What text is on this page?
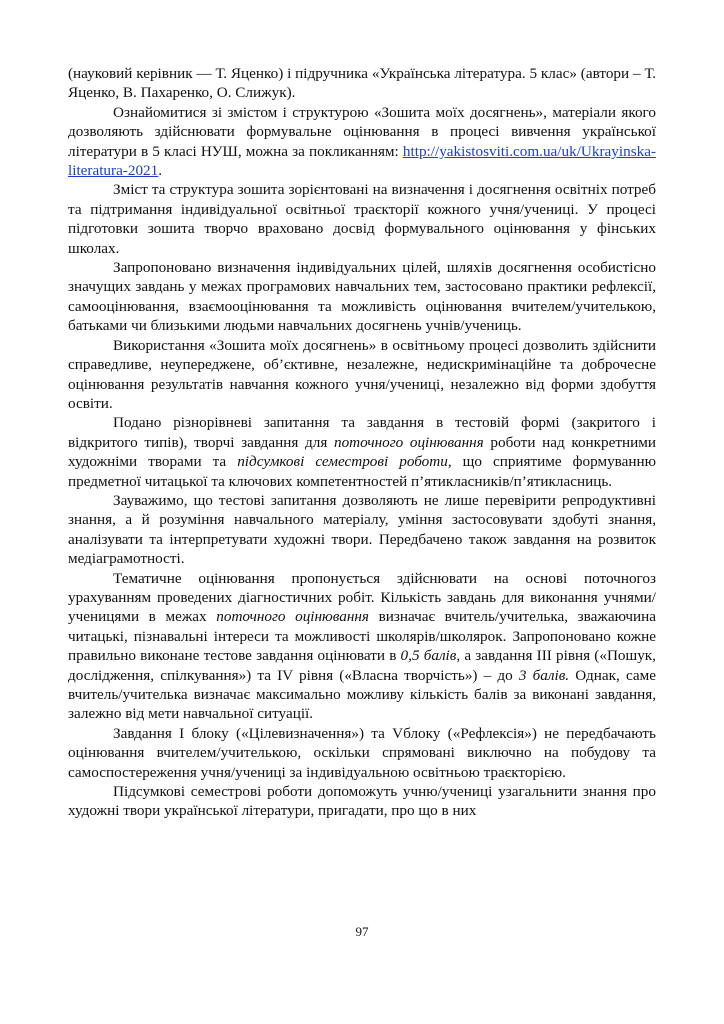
(науковий керівник — Т. Яценко) і підручника «Українська література. 5 клас» (автори – Т. Яценко, В. Пахаренко, О. Слижук).

Ознайомитися зі змістом і структурою «Зошита моїх досягнень», матеріали якого дозволяють здійснювати формувальне оцінювання в процесі вивчення української літератури в 5 класі НУШ, можна за покликанням: http://yakistosviti.com.ua/uk/Ukrayinska-literatura-2021.

Зміст та структура зошита зорієнтовані на визначення і досягнення освітніх потреб та підтримання індивідуальної освітньої траєкторії кожного учня/учениці. У процесі підготовки зошита творчо враховано досвід формувального оцінювання у фінських школах.

Запропоновано визначення індивідуальних цілей, шляхів досягнення особистісно значущих завдань у межах програмових навчальних тем, застосовано практики рефлексії, самооцінювання, взаємооцінювання та можливість оцінювання вчителем/учителькою, батьками чи близькими людьми навчальних досягнень учнів/учениць.

Використання «Зошита моїх досягнень» в освітньому процесі дозволить здійснити справедливе, неупереджене, об’єктивне, незалежне, недискримінаційне та доброчесне оцінювання результатів навчання кожного учня/учениці, незалежно від форми здобуття освіти.

Подано різнорівневі запитання та завдання в тестовій формі (закритого і відкритого типів), творчі завдання для поточного оцінювання роботи над конкретними художніми творами та підсумкові семестрові роботи, що сприятиме формуванню предметної читацької та ключових компетентностей п’ятикласників/п’ятикласниць.

Зауважимо, що тестові запитання дозволяють не лише перевірити репродуктивні знання, а й розуміння навчального матеріалу, уміння застосовувати здобуті знання, аналізувати та інтерпретувати художні твори. Передбачено також завдання на розвиток медіаграмотності.

Тематичне оцінювання пропонується здійснювати на основі поточногоз урахуванням проведених діагностичних робіт. Кількість завдань для виконання учнями/ученицями в межах поточного оцінювання визначає вчитель/учителька, зважаючина читацькі, пізнавальні інтереси та можливості школярів/школярок. Запропоновано кожне правильно виконане тестове завдання оцінювати в 0,5 балів, а завдання ІІІ рівня («Пошук, дослідження, спілкування») та ІV рівня («Власна творчість») – до 3 балів. Однак, саме вчитель/учителька визначає максимально можливу кількість балів за виконані завдання, залежно від мети навчальної ситуації.

Завдання І блоку («Цілевизначення») та Vблоку («Рефлексія») не передбачають оцінювання вчителем/учителькою, оскільки спрямовані виключно на побудову та самоспостереження учня/учениці за індивідуальною освітньою траєкторією.

Підсумкові семестрові роботи допоможуть учню/учениці узагальнити знання про художні твори української літератури, пригадати, про що в них

97
